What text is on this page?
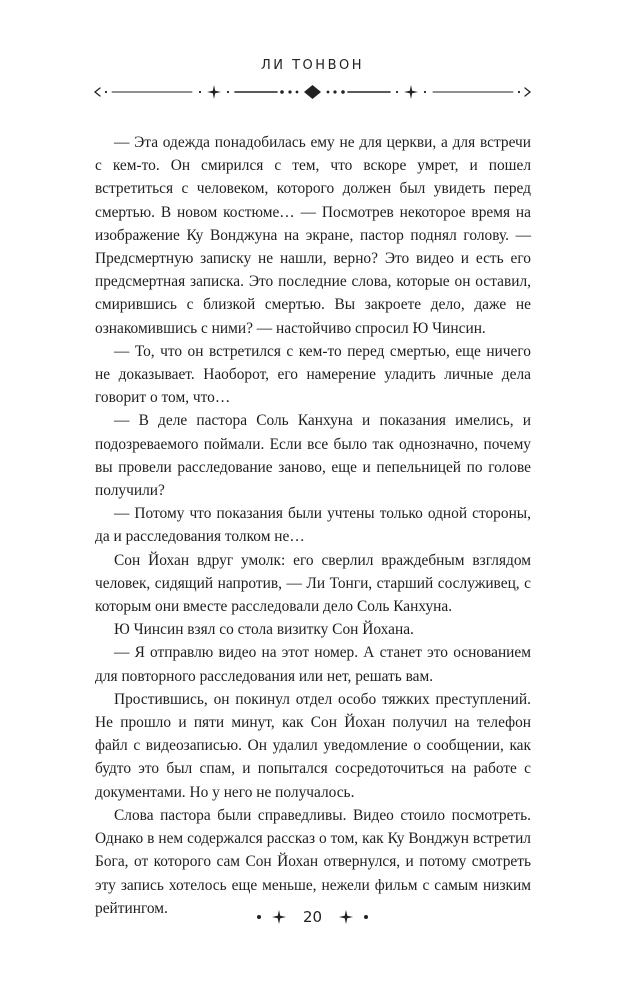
ЛИ ТОНВОН

— Эта одежда понадобилась ему не для церкви, а для встречи с кем-то. Он смирился с тем, что вскоре умрет, и пошел встретиться с человеком, которого должен был увидеть перед смертью. В новом костюме… — Посмотрев некоторое время на изображение Ку Вонджуна на экране, пастор поднял голову. — Предсмертную записку не нашли, верно? Это видео и есть его предсмертная записка. Это последние слова, которые он оставил, смирившись с близкой смертью. Вы закроете дело, даже не ознакомившись с ними? — настойчиво спросил Ю Чинсин.

— То, что он встретился с кем-то перед смертью, еще ничего не доказывает. Наоборот, его намерение уладить личные дела говорит о том, что…

— В деле пастора Соль Канхуна и показания имелись, и подозреваемого поймали. Если все было так однозначно, почему вы провели расследование заново, еще и пепельницей по голове получили?

— Потому что показания были учтены только одной стороны, да и расследования толком не…

Сон Йохан вдруг умолк: его сверлил враждебным взглядом человек, сидящий напротив, — Ли Тонги, старший сослуживец, с которым они вместе расследовали дело Соль Канхуна.

Ю Чинсин взял со стола визитку Сон Йохана.

— Я отправлю видео на этот номер. А станет это основанием для повторного расследования или нет, решать вам.

Простившись, он покинул отдел особо тяжких преступлений. Не прошло и пяти минут, как Сон Йохан получил на телефон файл с видеозаписью. Он удалил уведомление о сообщении, как будто это был спам, и попытался сосредоточиться на работе с документами. Но у него не получалось.

Слова пастора были справедливы. Видео стоило посмотреть. Однако в нем содержался рассказ о том, как Ку Вонджун встретил Бога, от которого сам Сон Йохан отвернулся, и потому смотреть эту запись хотелось еще меньше, нежели фильм с самым низким рейтингом.	20
